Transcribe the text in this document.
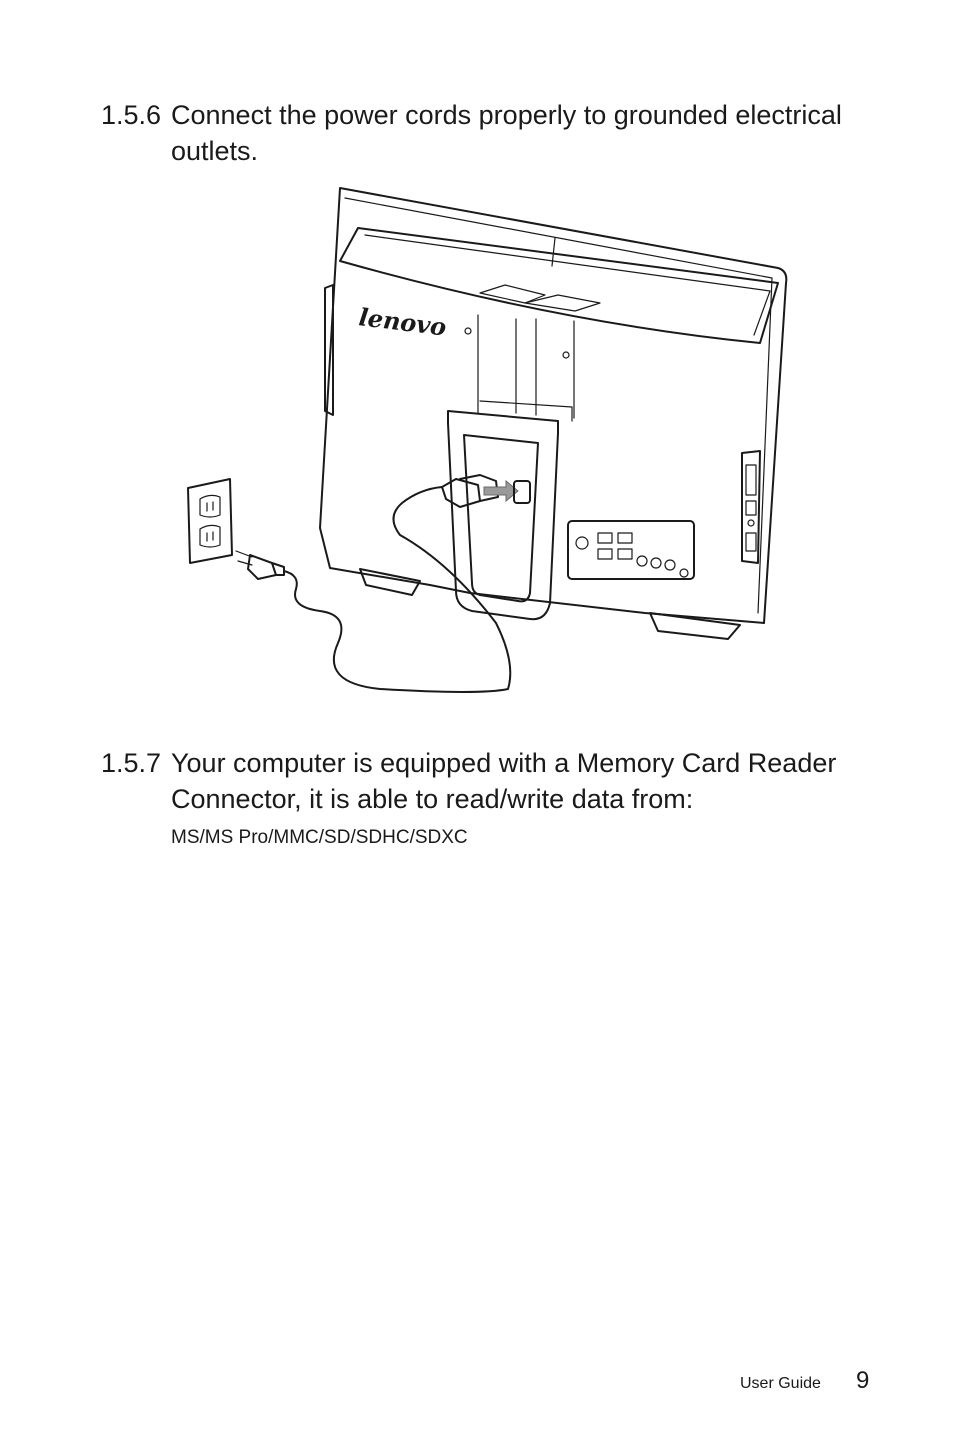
1.5.6 Connect the power cords properly to grounded electrical outlets.
lenovo
1.5.7 Your computer is equipped with a Memory Card Reader Connector, it is able to read/write data from:
MS/MS Pro/MMC/SD/SDHC/SDXC
User Guide 9
